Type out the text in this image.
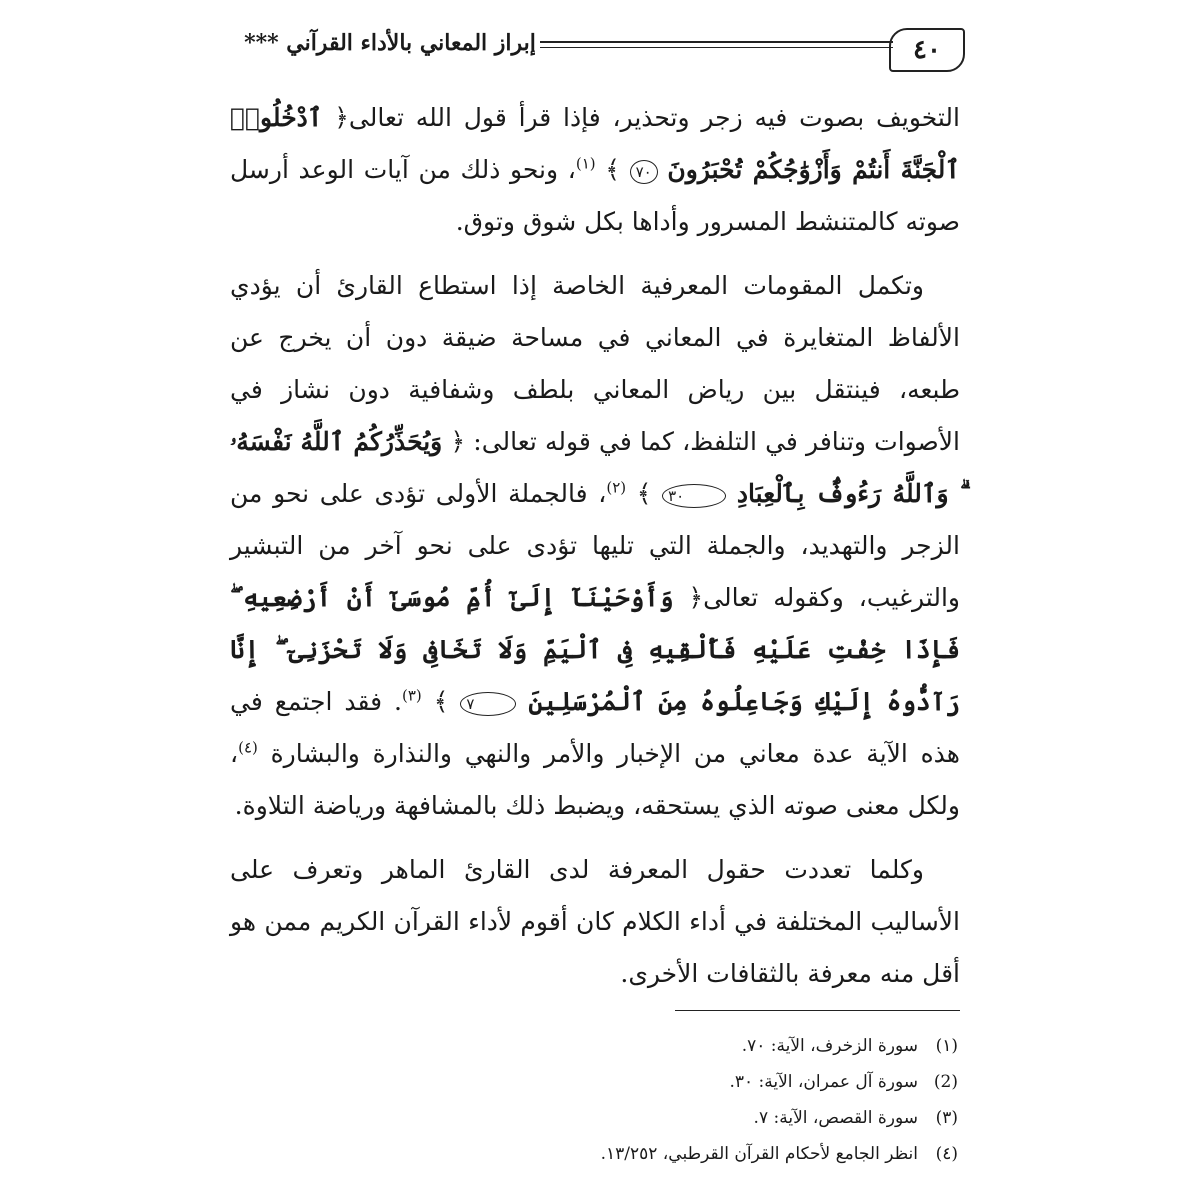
٤٠
إبراز المعاني بالأداء القرآني ***

التخويف بصوت فيه زجر وتحذير، فإذا قرأ قول الله تعالى﴿ ٱدْخُلُوا۟ ٱلْجَنَّةَ أَنتُمْ وَأَزْوَٰجُكُمْ تُحْبَرُونَ ٧٠ ﴾ $^{(١)}$، ونحو ذلك من آيات الوعد أرسل صوته كالمتنشط المسرور وأداها بكل شوق وتوق.

وتكمل المقومات المعرفية الخاصة إذا استطاع القارئ أن يؤدي الألفاظ المتغايرة في المعاني في مساحة ضيقة دون أن يخرج عن طبعه، فينتقل بين رياض المعاني بلطف وشفافية دون نشاز في الأصوات وتنافر في التلفظ، كما في قوله تعالى: ﴿ وَيُحَذِّرُكُمُ ٱللَّهُ نَفْسَهُۥ ۗ وَٱللَّهُ رَءُوفٌۢ بِٱلْعِبَادِ ٣٠ ﴾ $^{(٢)}$، فالجملة الأولى تؤدى على نحو من الزجر والتهديد، والجملة التي تليها تؤدى على نحو آخر من التبشير والترغيب، وكقوله تعالى﴿ وَأَوْحَيْنَآ إِلَىٰٓ أُمِّ مُوسَىٰٓ أَنْ أَرْضِعِيهِ ۖ فَإِذَا خِفْتِ عَلَيْهِ فَأَلْقِيهِ فِى ٱلْيَمِّ وَلَا تَخَافِى وَلَا تَحْزَنِىٓ ۖ إِنَّا رَآدُّوهُ إِلَيْكِ وَجَاعِلُوهُ مِنَ ٱلْمُرْسَلِينَ ٧ ﴾ $^{(٣)}$. فقد اجتمع في هذه الآية عدة معاني من الإخبار والأمر والنهي والنذارة والبشارة $^{(٤)}$، ولكل معنى صوته الذي يستحقه، ويضبط ذلك بالمشافهة ورياضة التلاوة.

وكلما تعددت حقول المعرفة لدى القارئ الماهر وتعرف على الأساليب المختلفة في أداء الكلام كان أقوم لأداء القرآن الكريم ممن هو أقل منه معرفة بالثقافات الأخرى.

(١)سورة الزخرف، الآية: ٧٠.
(2)سورة آل عمران، الآية: ٣٠.
(٣)سورة القصص، الآية: ٧.
(٤)انظر الجامع لأحكام القرآن القرطبي، ١٣/٢٥٢.
